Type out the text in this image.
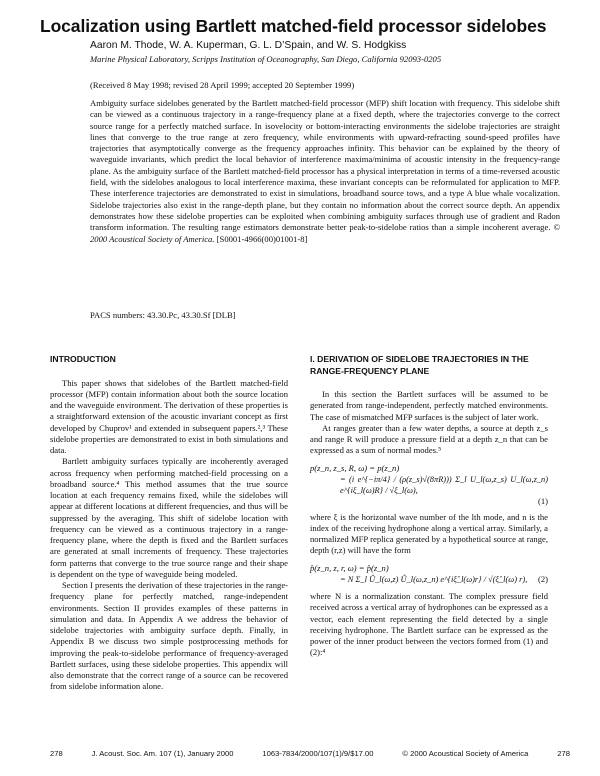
Localization using Bartlett matched-field processor sidelobes
Aaron M. Thode, W. A. Kuperman, G. L. D’Spain, and W. S. Hodgkiss
Marine Physical Laboratory, Scripps Institution of Oceanography, San Diego, California 92093-0205
(Received 8 May 1998; revised 28 April 1999; accepted 20 September 1999)

Ambiguity surface sidelobes generated by the Bartlett matched-field processor (MFP) shift location with frequency. This sidelobe shift can be viewed as a continuous trajectory in a range-frequency plane at a fixed depth, where the trajectories converge to the correct source range for a perfectly matched surface. In isovelocity or bottom-interacting environments the sidelobe trajectories are straight lines that converge to the true range at zero frequency, while environments with upward-refracting sound-speed profiles have trajectories that asymptotically converge as the frequency approaches infinity. This behavior can be explained by the theory of waveguide invariants, which predict the local behavior of interference maxima/minima of acoustic intensity in the frequency-range plane. As the ambiguity surface of the Bartlett matched-field processor has a physical interpretation in terms of a time-reversed acoustic field, with the sidelobes analogous to local interference maxima, these invariant concepts can be reformulated for application to MFP. These interference trajectories are demonstrated to exist in simulations, broadband source tows, and a type A blue whale vocalization. Sidelobe trajectories also exist in the range-depth plane, but they contain no information about the correct source depth. An appendix demonstrates how these sidelobe properties can be exploited when combining ambiguity surfaces through use of gradient and Radon transform information. The resulting range estimators demonstrate better peak-to-sidelobe ratios than a simple incoherent average. © 2000 Acoustical Society of America. [S0001-4966(00)01001-8]

PACS numbers: 43.30.Pc, 43.30.Sf [DLB]
INTRODUCTION

This paper shows that sidelobes of the Bartlett matched-field processor (MFP) contain information about both the source location and the waveguide environment. The derivation of these properties is a straightforward extension of the acoustic invariant concept as first developed by Chuprov¹ and extended in subsequent papers.²,³ These sidelobe properties are demonstrated to exist in both simulations and data.

Bartlett ambiguity surfaces typically are incoherently averaged across frequency when performing matched-field processing on a broadband source.⁴ This method assumes that the true source location at each frequency remains fixed, while the sidelobes will appear at different locations at different frequencies, and thus will be suppressed by the averaging. This shift of sidelobe location with frequency can be viewed as a continuous trajectory in a range-frequency plane, where the depth is fixed and the Bartlett surfaces are generated at small increments of frequency. These trajectories form patterns that converge to the true source range and their shape is dependent on the type of waveguide being modeled.

Section I presents the derivation of these trajectories in the range-frequency plane for perfectly matched, range-independent environments. Section II provides examples of these patterns in simulation and data. In Appendix A we address the behavior of sidelobe trajectories with ambiguity surface depth. Finally, in Appendix B we discuss two simple postprocessing methods for improving the peak-to-sidelobe performance of frequency-averaged Bartlett surfaces, using these sidelobe properties. This appendix will also demonstrate that the correct range of a source can be recovered from sidelobe information alone.

I. DERIVATION OF SIDELOBE TRAJECTORIES IN THE RANGE-FREQUENCY PLANE

In this section the Bartlett surfaces will be assumed to be generated from range-independent, perfectly matched environments. The case of mismatched MFP surfaces is the subject of later work.

At ranges greater than a few water depths, a source at depth z_s and range R will produce a pressure field at a depth z_n that can be expressed as a sum of normal modes.⁵

p(z_n, z_s, R, ω) = p(z_n)
= (i e^{−iπ/4} / (ρ(z_s)√(8πR))) Σ_l U_l(ω,z_s) U_l(ω,z_n) e^{iξ_l(ω)R} / √ξ_l(ω),
(1)

where ξ is the horizontal wave number of the lth mode, and n is the index of the receiving hydrophone along a vertical array. Similarly, a normalized MFP replica generated by a hypothetical source at range, depth (r,z) will have the form

p̂(z_n, z, r, ω) = p̂(z_n)
= N Σ_l Û_l(ω,z) Û_l(ω,z_n) e^{iξ̂_l(ω)r} / √(ξ̂_l(ω) r), (2)

where N is a normalization constant. The complex pressure field received across a vertical array of hydrophones can be expressed as a vector, each element representing the field detected by a single receiving hydrophone. The Bartlett surface can be expressed as the power of the inner product between the vectors formed from (1) and (2):⁴

278	J. Acoust. Soc. Am. 107 (1), January 2000	1063-7834/2000/107(1)/9/$17.00	© 2000 Acoustical Society of America	278
